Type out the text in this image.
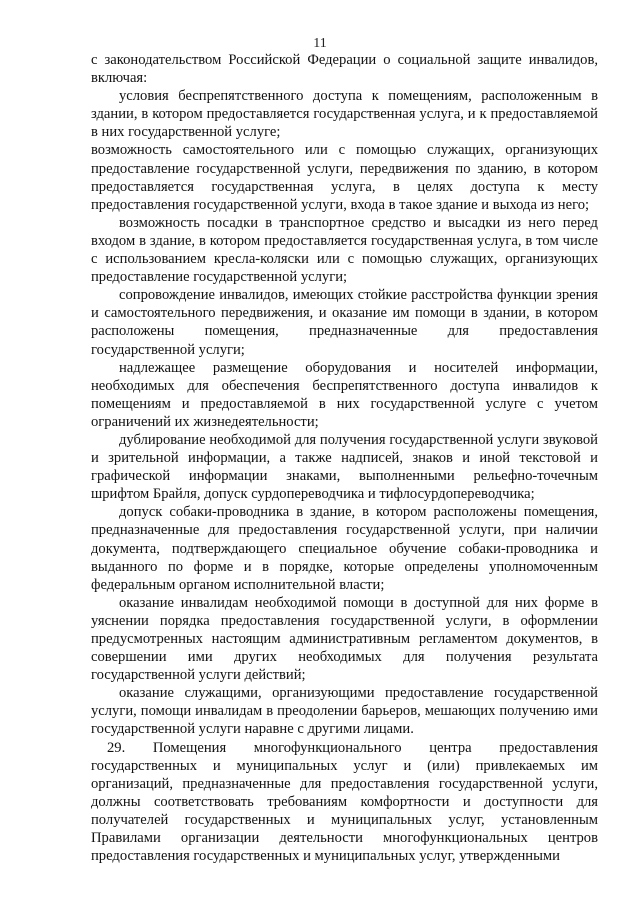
11

с законодательством Российской Федерации о социальной защите инвалидов, включая:

условия беспрепятственного доступа к помещениям, расположенным в здании, в котором предоставляется государственная услуга, и к предоставляемой в них государственной услуге;

возможность самостоятельного или с помощью служащих, организующих предоставление государственной услуги, передвижения по зданию, в котором предоставляется государственная услуга, в целях доступа к месту предоставления государственной услуги, входа в такое здание и выхода из него;

возможность посадки в транспортное средство и высадки из него перед входом в здание, в котором предоставляется государственная услуга, в том числе с использованием кресла-коляски или с помощью служащих, организующих предоставление государственной услуги;

сопровождение инвалидов, имеющих стойкие расстройства функции зрения и самостоятельного передвижения, и оказание им помощи в здании, в котором расположены помещения, предназначенные для предоставления государственной услуги;

надлежащее размещение оборудования и носителей информации, необходимых для обеспечения беспрепятственного доступа инвалидов к помещениям и предоставляемой в них государственной услуге с учетом ограничений их жизнедеятельности;

дублирование необходимой для получения государственной услуги звуковой и зрительной информации, а также надписей, знаков и иной текстовой и графической информации знаками, выполненными рельефно-точечным шрифтом Брайля, допуск сурдопереводчика и тифлосурдопереводчика;

допуск собаки-проводника в здание, в котором расположены помещения, предназначенные для предоставления государственной услуги, при наличии документа, подтверждающего специальное обучение собаки-проводника и выданного по форме и в порядке, которые определены уполномоченным федеральным органом исполнительной власти;

оказание инвалидам необходимой помощи в доступной для них форме в уяснении порядка предоставления государственной услуги, в оформлении предусмотренных настоящим административным регламентом документов, в совершении ими других необходимых для получения результата государственной услуги действий;

оказание служащими, организующими предоставление государственной услуги, помощи инвалидам в преодолении барьеров, мешающих получению ими государственной услуги наравне с другими лицами.

29. Помещения многофункционального центра предоставления государственных и муниципальных услуг и (или) привлекаемых им организаций, предназначенные для предоставления государственной услуги, должны соответствовать требованиям комфортности и доступности для получателей государственных и муниципальных услуг, установленным Правилами организации деятельности многофункциональных центров предоставления государственных и муниципальных услуг, утвержденными
